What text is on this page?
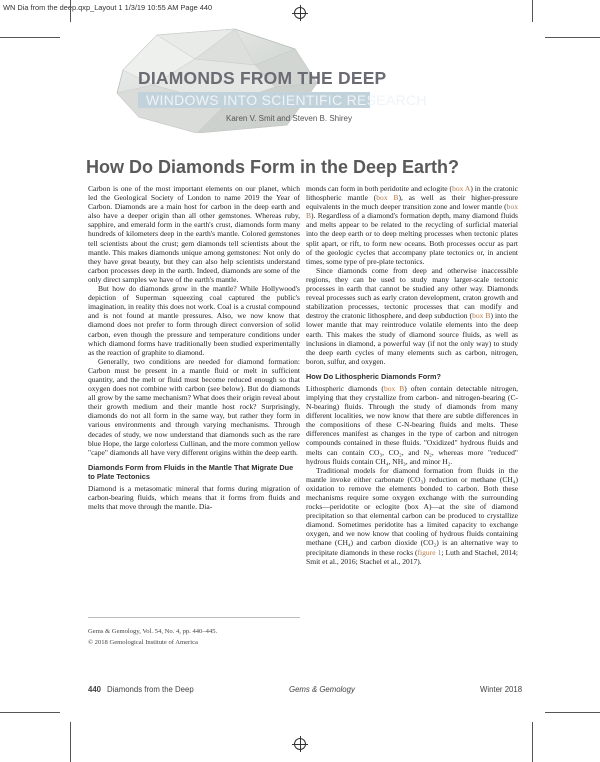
WN Dia from the deep.qxp_Layout 1 1/3/19 10:55 AM Page 440
DIAMONDS FROM THE DEEP
WINDOWS INTO SCIENTIFIC RESEARCH
Karen V. Smit and Steven B. Shirey
How Do Diamonds Form in the Deep Earth?

Carbon is one of the most important elements on our planet, which led the Geological Society of London to name 2019 the Year of Carbon. Diamonds are a main host for carbon in the deep earth and also have a deeper origin than all other gemstones. Whereas ruby, sapphire, and emerald form in the earth's crust, diamonds form many hundreds of kilometers deep in the earth's mantle. Colored gemstones tell scientists about the crust; gem diamonds tell scientists about the mantle. This makes diamonds unique among gemstones: Not only do they have great beauty, but they can also help scientists understand carbon processes deep in the earth. Indeed, diamonds are some of the only direct samples we have of the earth's mantle.

But how do diamonds grow in the mantle? While Hollywood's depiction of Superman squeezing coal captured the public's imagination, in reality this does not work. Coal is a crustal compound and is not found at mantle pressures. Also, we now know that diamond does not prefer to form through direct conversion of solid carbon, even though the pressure and temperature conditions under which diamond forms have traditionally been studied experimentally as the reaction of graphite to diamond.

Generally, two conditions are needed for diamond formation: Carbon must be present in a mantle fluid or melt in sufficient quantity, and the melt or fluid must become reduced enough so that oxygen does not combine with carbon (see below). But do diamonds all grow by the same mechanism? What does their origin reveal about their growth medium and their mantle host rock? Surprisingly, diamonds do not all form in the same way, but rather they form in various environments and through varying mechanisms. Through decades of study, we now understand that diamonds such as the rare blue Hope, the large colorless Cullinan, and the more common yellow "cape" diamonds all have very different origins within the deep earth.

Diamonds Form from Fluids in the Mantle That Migrate Due to Plate Tectonics

Diamond is a metasomatic mineral that forms during migration of carbon-bearing fluids, which means that it forms from fluids and melts that move through the mantle. Dia-

monds can form in both peridotite and eclogite (box A) in the cratonic lithospheric mantle (box B), as well as their higher-pressure equivalents in the much deeper transition zone and lower mantle (box B). Regardless of a diamond's formation depth, many diamond fluids and melts appear to be related to the recycling of surficial material into the deep earth or to deep melting processes when tectonic plates split apart, or rift, to form new oceans. Both processes occur as part of the geologic cycles that accompany plate tectonics or, in ancient times, some type of pre-plate tectonics.

Since diamonds come from deep and otherwise inaccessible regions, they can be used to study many larger-scale tectonic processes in earth that cannot be studied any other way. Diamonds reveal processes such as early craton development, craton growth and stabilization processes, tectonic processes that can modify and destroy the cratonic lithosphere, and deep subduction (box B) into the lower mantle that may reintroduce volatile elements into the deep earth. This makes the study of diamond source fluids, as well as inclusions in diamond, a powerful way (if not the only way) to study the deep earth cycles of many elements such as carbon, nitrogen, boron, sulfur, and oxygen.

How Do Lithospheric Diamonds Form?

Lithospheric diamonds (box B) often contain detectable nitrogen, implying that they crystallize from carbon- and nitrogen-bearing (C-N-bearing) fluids. Through the study of diamonds from many different localities, we now know that there are subtle differences in the compositions of these C-N-bearing fluids and melts. These differences manifest as changes in the type of carbon and nitrogen compounds contained in these fluids. "Oxidized" hydrous fluids and melts can contain CO₃, CO₂, and N₂, whereas more "reduced" hydrous fluids contain CH₄, NH₃, and minor H₂.

Traditional models for diamond formation from fluids in the mantle invoke either carbonate (CO₃) reduction or methane (CH₄) oxidation to remove the elements bonded to carbon. Both these mechanisms require some oxygen exchange with the surrounding rocks—peridotite or eclogite (box A)—at the site of diamond precipitation so that elemental carbon can be produced to crystallize diamond. Sometimes peridotite has a limited capacity to exchange oxygen, and we now know that cooling of hydrous fluids containing methane (CH₄) and carbon dioxide (CO₂) is an alternative way to precipitate diamonds in these rocks (figure 1; Luth and Stachel, 2014; Smit et al., 2016; Stachel et al., 2017).

Gems & Gemology, Vol. 54, No. 4, pp. 440–445.
© 2018 Gemological Institute of America
440 Diamonds from the Deep	Gems & Gemology	Winter 2018
